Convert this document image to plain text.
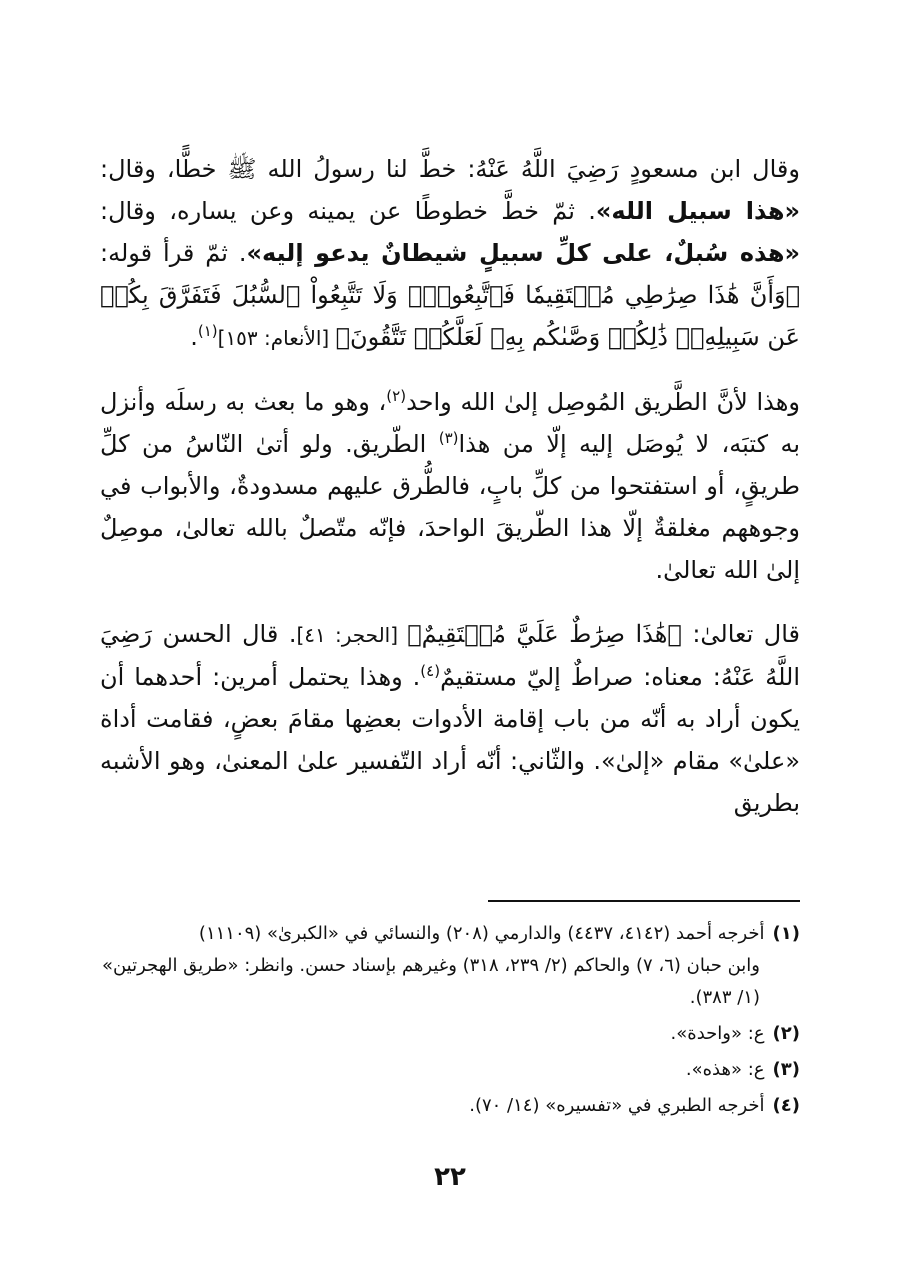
وقال ابن مسعودٍ رَضِيَ اللَّهُ عَنْهُ: خطَّ لنا رسولُ الله ﷺ خطًّا، وقال: «هذا سبيل الله». ثمّ خطَّ خطوطًا عن يمينه وعن يساره، وقال: «هذه سُبلٌ، على كلِّ سبيلٍ شيطانٌ يدعو إليه». ثمّ قرأ قوله: ﴿وَأَنَّ هَٰذَا صِرَٰطِي مُسۡتَقِيمٗا فَٱتَّبِعُوهُۖ وَلَا تَتَّبِعُواْ ٱلسُّبُلَ فَتَفَرَّقَ بِكُمۡ عَن سَبِيلِهِۦۚ ذَٰلِكُمۡ وَصَّىٰكُم بِهِۦ لَعَلَّكُمۡ تَتَّقُونَ﴾ [الأنعام: ١٥٣]$^{(١)}$.

وهذا لأنَّ الطَّريق المُوصِل إلىٰ الله واحد$^{(٢)}$، وهو ما بعث به رسلَه وأنزل به كتبَه، لا يُوصَل إليه إلّا من هذا$^{(٣)}$ الطّريق. ولو أتىٰ النّاسُ من كلِّ طريقٍ، أو استفتحوا من كلِّ بابٍ، فالطُّرق عليهم مسدودةٌ، والأبواب في وجوههم مغلقةٌ إلّا هذا الطّريقَ الواحدَ، فإنّه متّصلٌ بالله تعالىٰ، موصِلٌ إلىٰ الله تعالىٰ.

قال تعالىٰ: ﴿هَٰذَا صِرَٰطٌ عَلَيَّ مُسۡتَقِيمٌ﴾ [الحجر: ٤١]. قال الحسن رَضِيَ اللَّهُ عَنْهُ: معناه: صراطٌ إليّ مستقيمٌ$^{(٤)}$. وهذا يحتمل أمرين: أحدهما أن يكون أراد به أنّه من باب إقامة الأدوات بعضِها مقامَ بعضٍ، فقامت أداة «علىٰ» مقام «إلىٰ». والثّاني: أنّه أراد التّفسير علىٰ المعنىٰ، وهو الأشبه بطريق

(١)أخرجه أحمد (٤١٤٢، ٤٤٣٧) والدارمي (٢٠٨) والنسائي في «الكبرىٰ» (١١١٠٩)
وابن حبان (٦، ٧) والحاكم (٢/ ٢٣٩، ٣١٨) وغيرهم بإسناد حسن. وانظر: «طريق الهجرتين» (١/ ٣٨٣).
(٢)ع: «واحدة».
(٣)ع: «هذه».
(٤)أخرجه الطبري في «تفسيره» (١٤/ ٧٠).
٢٢
